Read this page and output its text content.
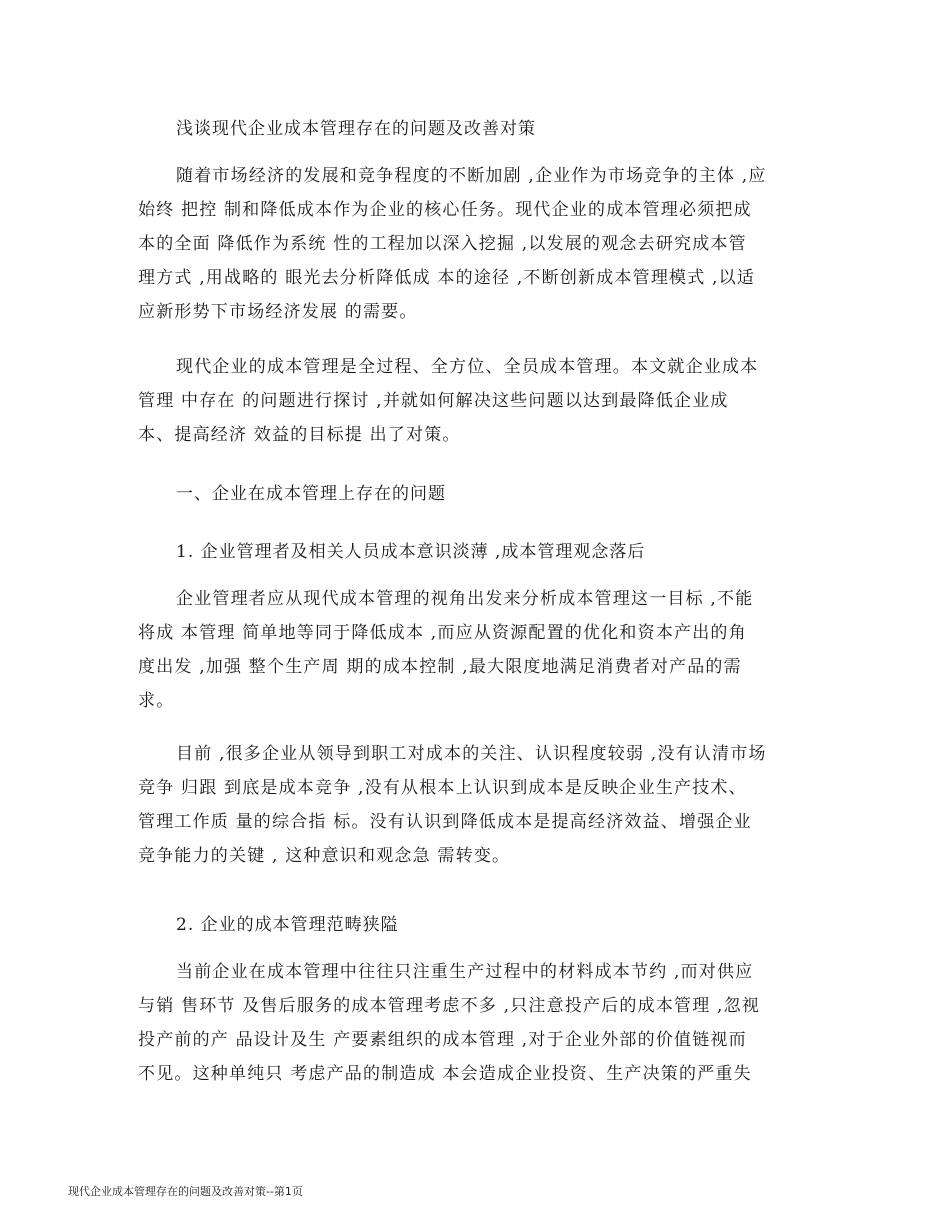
浅谈现代企业成本管理存在的问题及改善对策
随着市场经济的发展和竞争程度的不断加剧 ,企业作为市场竞争的主体 ,应
始终 把控 制和降低成本作为企业的核心任务。现代企业的成本管理必须把成
本的全面 降低作为系统 性的工程加以深入挖掘 ,以发展的观念去研究成本管
理方式 ,用战略的 眼光去分析降低成 本的途径 ,不断创新成本管理模式 ,以适
应新形势下市场经济发展 的需要。
现代企业的成本管理是全过程、全方位、全员成本管理。本文就企业成本
管理 中存在 的问题进行探讨 ,并就如何解决这些问题以达到最降低企业成
本、提高经济 效益的目标提 出了对策。
一、企业在成本管理上存在的问题
1. 企业管理者及相关人员成本意识淡薄 ,成本管理观念落后
企业管理者应从现代成本管理的视角出发来分析成本管理这一目标 ,不能
将成 本管理 简单地等同于降低成本 ,而应从资源配置的优化和资本产出的角
度出发 ,加强 整个生产周 期的成本控制 ,最大限度地满足消费者对产品的需
求。
目前 ,很多企业从领导到职工对成本的关注、认识程度较弱 ,没有认清市场
竞争 归跟 到底是成本竞争 ,没有从根本上认识到成本是反映企业生产技术、
管理工作质 量的综合指 标。没有认识到降低成本是提高经济效益、增强企业
竞争能力的关键 , 这种意识和观念急 需转变。
2. 企业的成本管理范畴狭隘
当前企业在成本管理中往往只注重生产过程中的材料成本节约 ,而对供应
与销 售环节 及售后服务的成本管理考虑不多 ,只注意投产后的成本管理 ,忽视
投产前的产 品设计及生 产要素组织的成本管理 ,对于企业外部的价值链视而
不见。这种单纯只 考虑产品的制造成 本会造成企业投资、生产决策的严重失
现代企业成本管理存在的问题及改善对策--第1页
